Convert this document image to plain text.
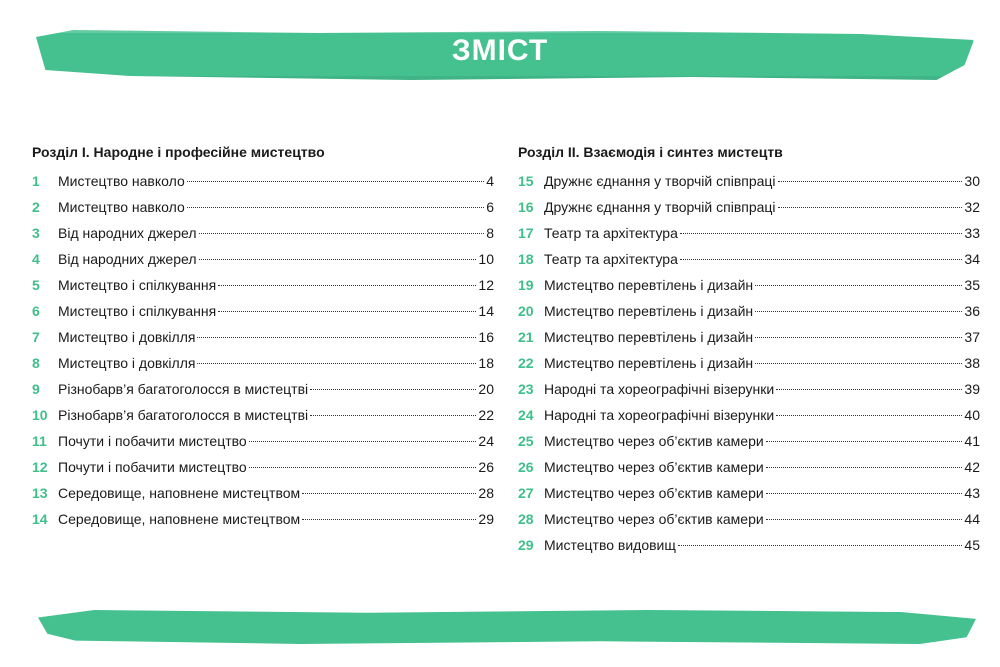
ЗМІСТ
Розділ І. Народне і професійне мистецтво
1	Мистецтво навколо	4
2	Мистецтво навколо	6
3	Від народних джерел	8
4	Від народних джерел	10
5	Мистецтво і спілкування	12
6	Мистецтво і спілкування	14
7	Мистецтво і довкілля	16
8	Мистецтво і довкілля	18
9	Різнобарв’я багатоголосся в мистецтві	20
10 Різнобарв’я багатоголосся в мистецтві	22
11 Почути і побачити мистецтво	24
12 Почути і побачити мистецтво	26
13 Середовище, наповнене мистецтвом	28
14 Середовище, наповнене мистецтвом	29
Розділ ІІ. Взаємодія і синтез мистецтв
15 Дружнє єднання у творчій співпраці	30
16 Дружнє єднання у творчій співпраці	32
17 Театр та архітектура	33
18 Театр та архітектура	34
19 Мистецтво перевтілень і дизайн	35
20 Мистецтво перевтілень і дизайн	36
21 Мистецтво перевтілень і дизайн	37
22 Мистецтво перевтілень і дизайн	38
23 Народні та хореографічні візерунки	39
24 Народні та хореографічні візерунки	40
25 Мистецтво через об’єктив камери	41
26 Мистецтво через об’єктив камери	42
27 Мистецтво через об’єктив камери	43
28 Мистецтво через об’єктив камери	44
29 Мистецтво видовищ	45
